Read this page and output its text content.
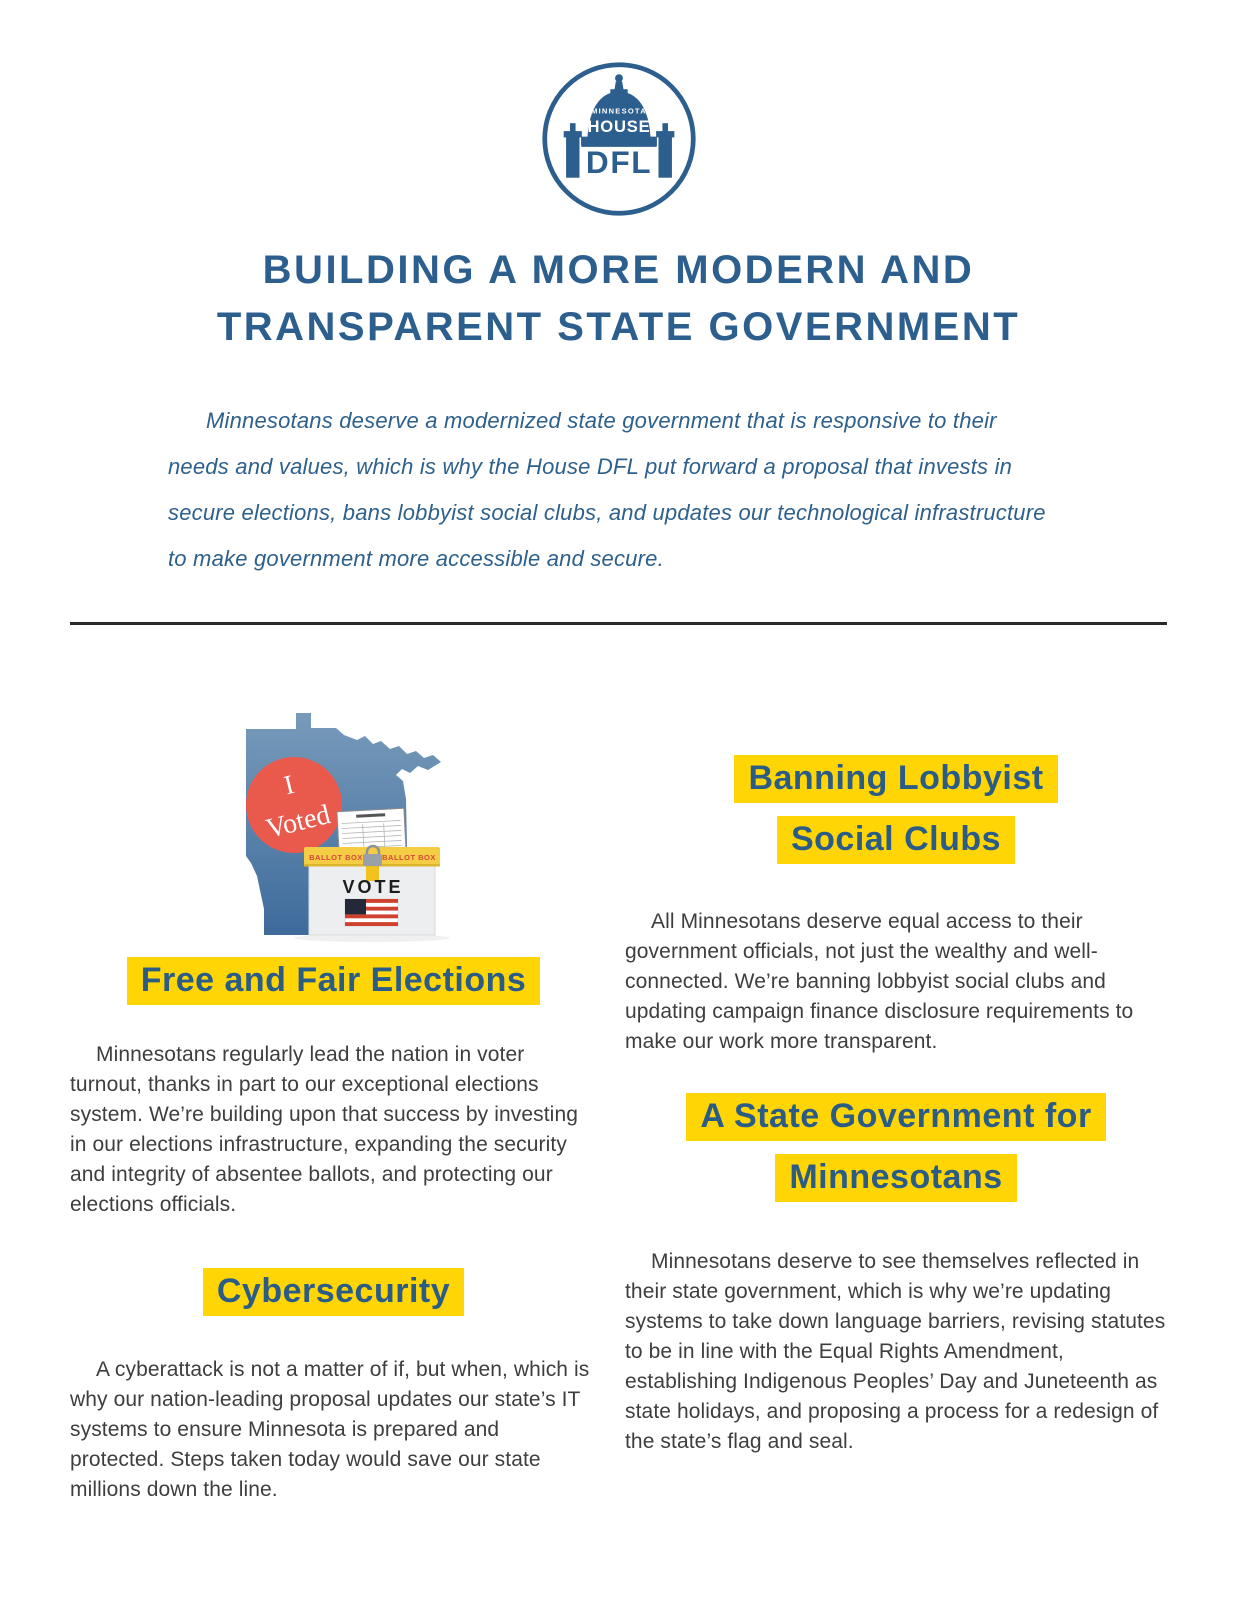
MINNESOTA
HOUSE
DFL
BUILDING A MORE MODERN AND
TRANSPARENT STATE GOVERNMENT

Minnesotans deserve a modernized state government that is responsive to their needs and values, which is why the House DFL put forward a proposal that invests in secure elections, bans lobbyist social clubs, and updates our technological infrastructure to make government more accessible and secure.

I
Voted
BALLOT BOX	BALLOT BOX
VOTE
Free and Fair Elections

Minnesotans regularly lead the nation in voter turnout, thanks in part to our exceptional elections system. We’re building upon that success by investing in our elections infrastructure, expanding the security and integrity of absentee ballots, and protecting our elections officials.

Cybersecurity

A cyberattack is not a matter of if, but when, which is why our nation-leading proposal updates our state’s IT systems to ensure Minnesota is prepared and protected. Steps taken today would save our state millions down the line.

Banning Lobbyist
Social Clubs

All Minnesotans deserve equal access to their government officials, not just the wealthy and well-connected. We’re banning lobbyist social clubs and updating campaign finance disclosure requirements to make our work more transparent.

A State Government for
Minnesotans

Minnesotans deserve to see themselves reflected in their state government, which is why we’re updating systems to take down language barriers, revising statutes to be in line with the Equal Rights Amendment, establishing Indigenous Peoples’ Day and Juneteenth as state holidays, and proposing a process for a redesign of the state’s flag and seal.
